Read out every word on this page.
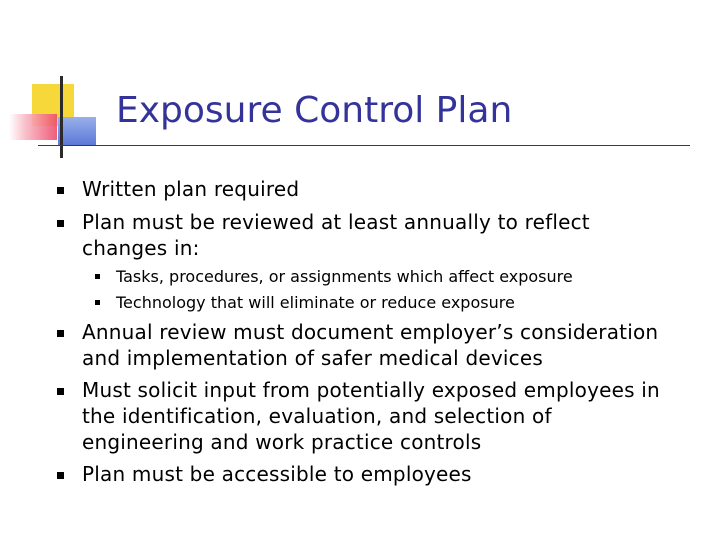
Exposure Control Plan
Written plan required
Plan must be reviewed at least annually to reflect
changes in:
Tasks, procedures, or assignments which affect exposure
Technology that will eliminate or reduce exposure
Annual review must document employer’s consideration
and implementation of safer medical devices
Must solicit input from potentially exposed employees in
the identification, evaluation, and selection of
engineering and work practice controls
Plan must be accessible to employees
